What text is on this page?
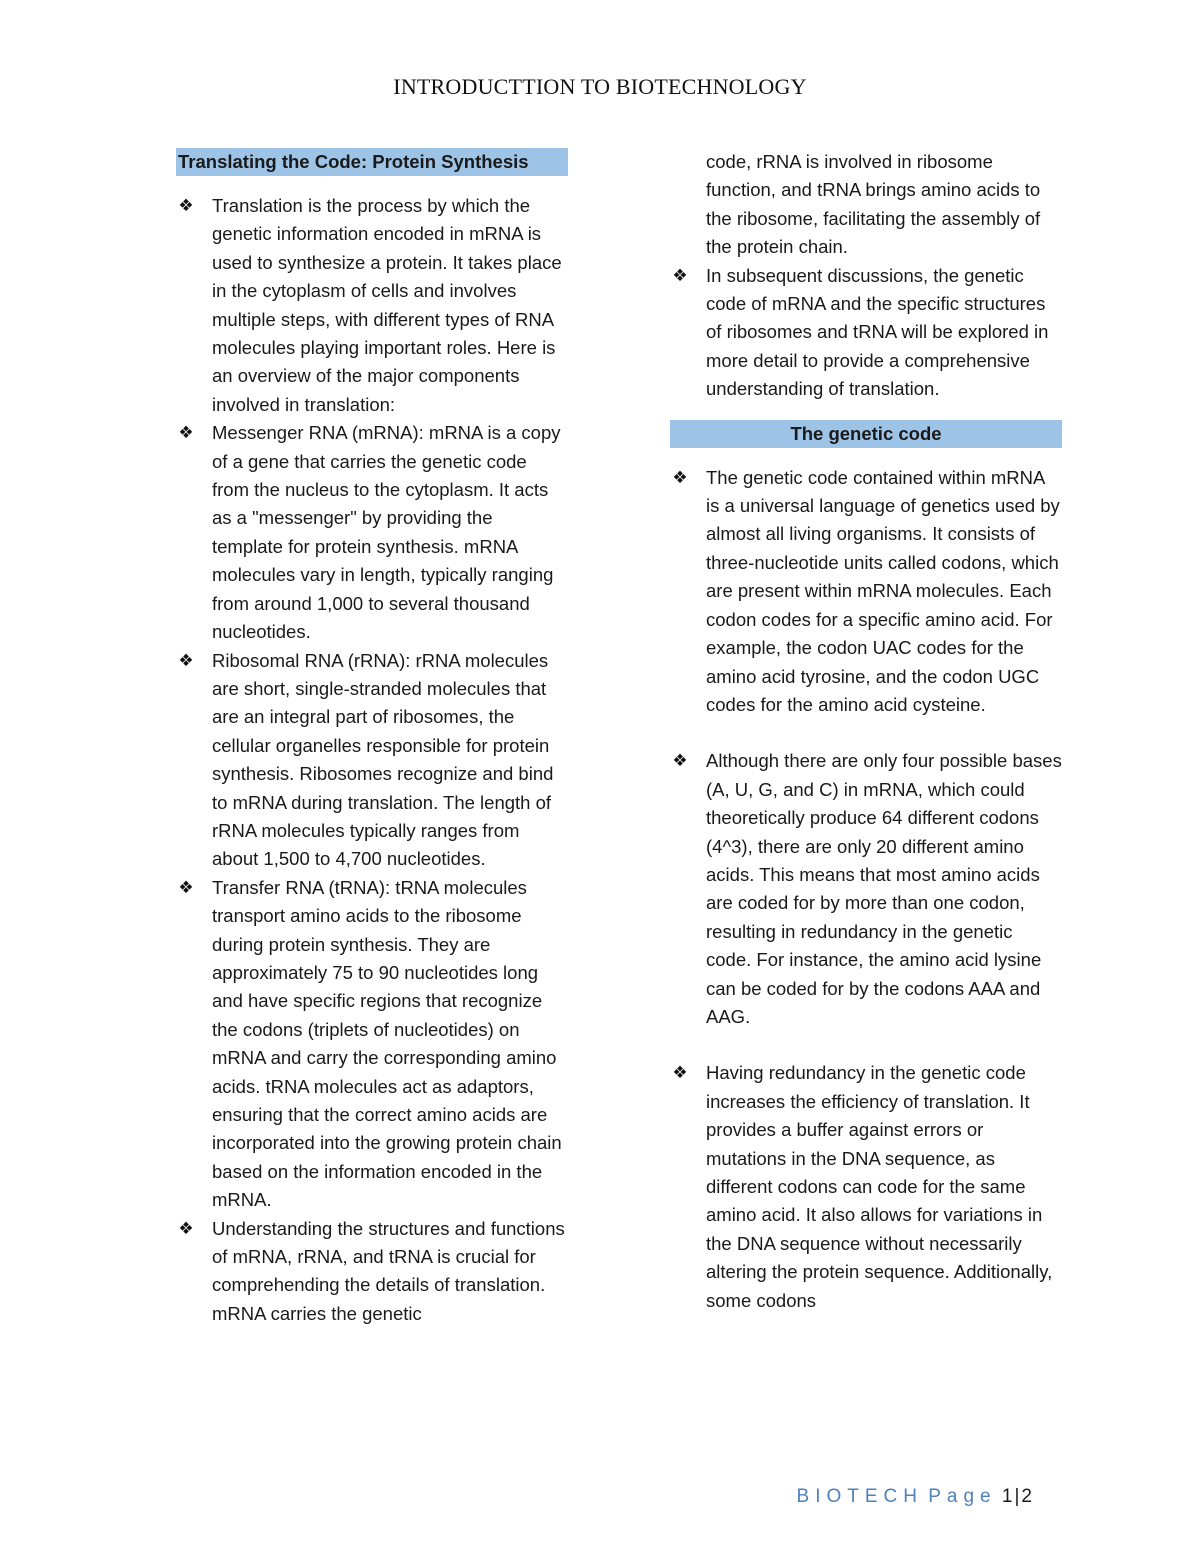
INTRODUCTTION TO BIOTECHNOLOGY
Translating the Code: Protein Synthesis
❖ Translation is the process by which the genetic information encoded in mRNA is used to synthesize a protein. It takes place in the cytoplasm of cells and involves multiple steps, with different types of RNA molecules playing important roles. Here is an overview of the major components involved in translation:
❖ Messenger RNA (mRNA): mRNA is a copy of a gene that carries the genetic code from the nucleus to the cytoplasm. It acts as a "messenger" by providing the template for protein synthesis. mRNA molecules vary in length, typically ranging from around 1,000 to several thousand nucleotides.
❖ Ribosomal RNA (rRNA): rRNA molecules are short, single-stranded molecules that are an integral part of ribosomes, the cellular organelles responsible for protein synthesis. Ribosomes recognize and bind to mRNA during translation. The length of rRNA molecules typically ranges from about 1,500 to 4,700 nucleotides.
❖ Transfer RNA (tRNA): tRNA molecules transport amino acids to the ribosome during protein synthesis. They are approximately 75 to 90 nucleotides long and have specific regions that recognize the codons (triplets of nucleotides) on mRNA and carry the corresponding amino acids. tRNA molecules act as adaptors, ensuring that the correct amino acids are incorporated into the growing protein chain based on the information encoded in the mRNA.
❖ Understanding the structures and functions of mRNA, rRNA, and tRNA is crucial for comprehending the details of translation. mRNA carries the genetic

code, rRNA is involved in ribosome function, and tRNA brings amino acids to the ribosome, facilitating the assembly of the protein chain.

❖ In subsequent discussions, the genetic code of mRNA and the specific structures of ribosomes and tRNA will be explored in more detail to provide a comprehensive understanding of translation.
The genetic code
❖ The genetic code contained within mRNA is a universal language of genetics used by almost all living organisms. It consists of three-nucleotide units called codons, which are present within mRNA molecules. Each codon codes for a specific amino acid. For example, the codon UAC codes for the amino acid tyrosine, and the codon UGC codes for the amino acid cysteine.
❖ Although there are only four possible bases (A, U, G, and C) in mRNA, which could theoretically produce 64 different codons (4^3), there are only 20 different amino acids. This means that most amino acids are coded for by more than one codon, resulting in redundancy in the genetic code. For instance, the amino acid lysine can be coded for by the codons AAA and AAG.
❖ Having redundancy in the genetic code increases the efficiency of translation. It provides a buffer against errors or mutations in the DNA sequence, as different codons can code for the same amino acid. It also allows for variations in the DNA sequence without necessarily altering the protein sequence. Additionally, some codons
BIOTECH Page 1 | 2
